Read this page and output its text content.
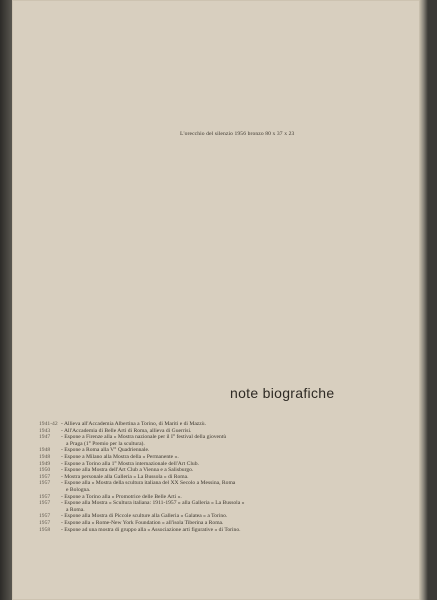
L'orecchio del silenzio 1956 bronzo 80 x 37 x 23
note biografiche
1941-42 - Allieva all'Accademia Albertina a Torino, di Mariti e di Mazzù.
1943	- All'Accademia di Belle Arti di Roma, allieva di Guerrisi.
1947	- Espone a Firenze alla « Mostra nazionale per il I° festival della gioventù
a Praga (1° Premio per la scultura).
1948	- Espone a Roma alla V° Quadriennale.
1948	- Espone a Milano alla Mostra della « Permanente ».
1949	- Espone a Torino alla 1° Mostra internazionale dell'Art Club.
1950	- Espone alla Mostra dell'Art Club a Vienna e a Salisburgo.
1957	- Mostra personale alla Galleria « La Bussola » di Roma.
1957	- Espone alla « Mostra della scultura italiana del XX Secolo a Messina, Roma
e Bologna.
1957	- Espone a Torino alla « Promotrice delle Belle Arti ».
1957	- Espone alla Mostra « Scultura italiana: 1911-1957 » alla Galleria « La Bussola »
a Roma.
1957	- Espone alla Mostra di Piccole sculture alla Galleria « Galatea » a Torino.
1957	- Espone alla « Rome-New York Foundation » all'isola Tiberina a Roma.
1958	- Espone ad una mostra di gruppo alla « Associazione arti figurative » di Torino.
